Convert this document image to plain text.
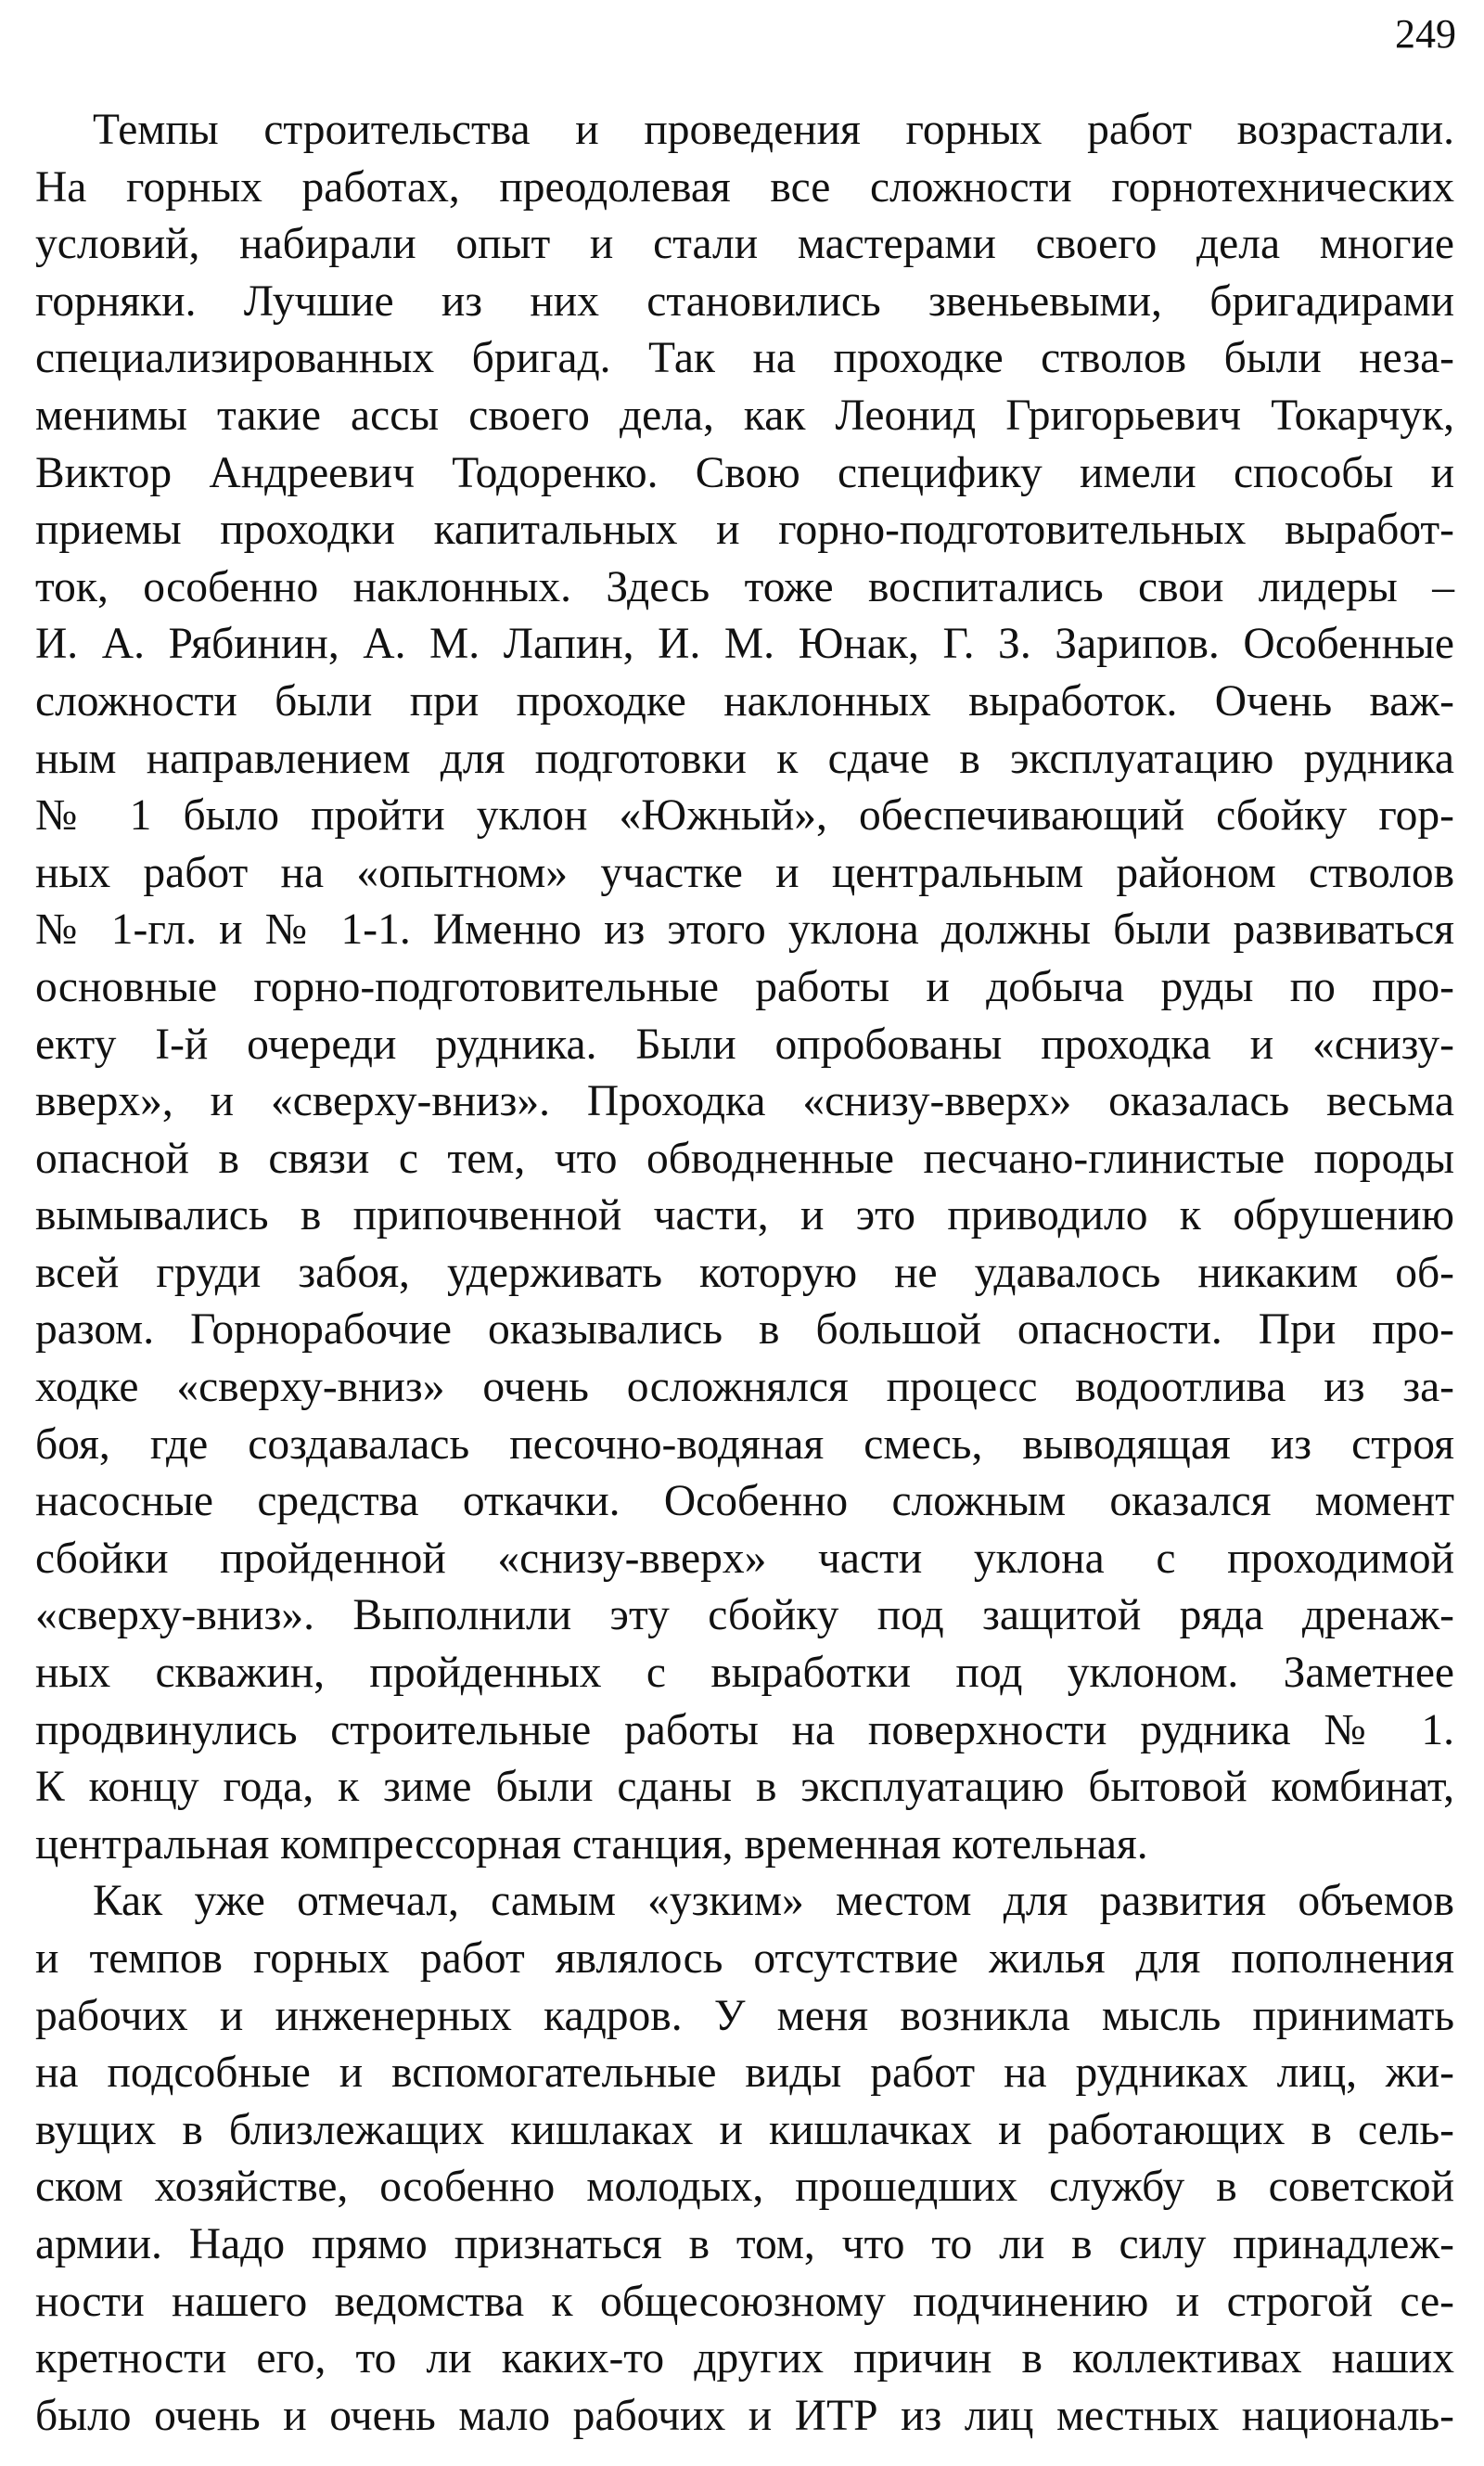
249

Темпы строительства и проведения горных работ возрастали.
На горных работах, преодолевая все сложности горнотехнических
условий, набирали опыт и стали мастерами своего дела многие
горняки. Лучшие из них становились звеньевыми, бригадирами
специализированных бригад. Так на проходке стволов были неза-
менимы такие ассы своего дела, как Леонид Григорьевич Токарчук,
Виктор Андреевич Тодоренко. Свою специфику имели способы и
приемы проходки капитальных и горно-подготовительных выработ-
ток, особенно наклонных. Здесь тоже воспитались свои лидеры –
И. А. Рябинин, А. М. Лапин, И. М. Юнак, Г. З. Зарипов. Особенные
сложности были при проходке наклонных выработок. Очень важ-
ным направлением для подготовки к сдаче в эксплуатацию рудника
№ 1 было пройти уклон «Южный», обеспечивающий сбойку гор-
ных работ на «опытном» участке и центральным районом стволов
№ 1-гл. и № 1-1. Именно из этого уклона должны были развиваться
основные горно-подготовительные работы и добыча руды по про-
екту I-й очереди рудника. Были опробованы проходка и «снизу-
вверх», и «сверху-вниз». Проходка «снизу-вверх» оказалась весьма
опасной в связи с тем, что обводненные песчано-глинистые породы
вымывались в припочвенной части, и это приводило к обрушению
всей груди забоя, удерживать которую не удавалось никаким об-
разом. Горнорабочие оказывались в большой опасности. При про-
ходке «сверху-вниз» очень осложнялся процесс водоотлива из за-
боя, где создавалась песочно-водяная смесь, выводящая из строя
насосные средства откачки. Особенно сложным оказался момент
сбойки пройденной «снизу-вверх» части уклона с проходимой
«сверху-вниз». Выполнили эту сбойку под защитой ряда дренаж-
ных скважин, пройденных с выработки под уклоном. Заметнее
продвинулись строительные работы на поверхности рудника № 1.
К концу года, к зиме были сданы в эксплуатацию бытовой комбинат,
центральная компрессорная станция, временная котельная.

Как уже отмечал, самым «узким» местом для развития объемов
и темпов горных работ являлось отсутствие жилья для пополнения
рабочих и инженерных кадров. У меня возникла мысль принимать
на подсобные и вспомогательные виды работ на рудниках лиц, жи-
вущих в близлежащих кишлаках и кишлачках и работающих в сель-
ском хозяйстве, особенно молодых, прошедших службу в советской
армии. Надо прямо признаться в том, что то ли в силу принадлеж-
ности нашего ведомства к общесоюзному подчинению и строгой се-
кретности его, то ли каких-то других причин в коллективах наших
было очень и очень мало рабочих и ИТР из лиц местных националь-
